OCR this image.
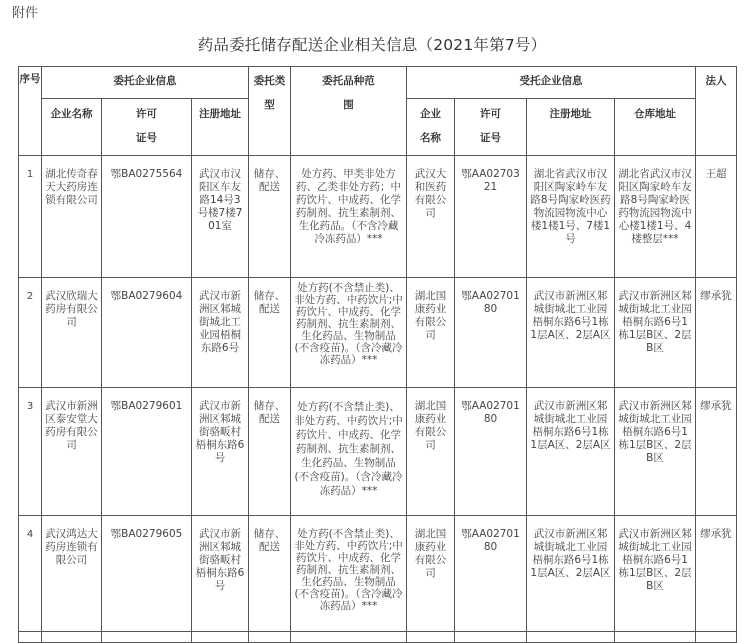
附件
药品委托储存配送企业相关信息（2021年第7号）
序号	委托企业信息			委托类型	委托品种范围	受托企业信息				法人

	企业名称	许可证号	注册地址			企业名称	许可证号	注册地址	仓库地址	

1	湖北传奇春天大药房连锁有限公司	鄂BA0275564	武汉市汉阳区车友路14号3号楼7楼701室	储存、配送	处方药、甲类非处方药、乙类非处方药；中药饮片、中成药、化学药制剂、抗生素制剂、生化药品。（不含冷藏冷冻药品）***	武汉大和医药有限公司	鄂AA0270321	湖北省武汉市汉阳区陶家岭车友路8号陶家岭医药物流园物流中心楼1楼1号、7楼1号	湖北省武汉市汉阳区陶家岭车友路8号陶家岭医药物流园物流中心楼1楼1号、4楼整层***	王超

2	武汉欣瑞大药房有限公司	鄂BA0279604	武汉市新洲区邾城街城北工业园梧桐东路6号	储存、配送	处方药(不含禁止类)、非处方药、中药饮片;中药饮片、中成药、化学药制剂、抗生素制剂、生化药品、生物制品(不含疫苗)。（含冷藏冷冻药品）***	湖北国康药业有限公司	鄂AA0270180	武汉市新洲区邾城街城北工业园梧桐东路6号1栋1层A区、2层A区	武汉市新洲区邾城街城北工业园梧桐东路6号1栋1层B区、2层B区	缪承犹

3	武汉市新洲区泰安堂大药房有限公司	鄂BA0279601	武汉市新洲区邾城街骆畈村梧桐东路6号	储存、配送	处方药(不含禁止类)、非处方药、中药饮片;中药饮片、中成药、化学药制剂、抗生素制剂、生化药品、生物制品(不含疫苗)。（含冷藏冷冻药品）***	湖北国康药业有限公司	鄂AA0270180	武汉市新洲区邾城街城北工业园梧桐东路6号1栋1层A区、2层A区	武汉市新洲区邾城街城北工业园梧桐东路6号1栋1层B区、2层B区	缪承犹

4	武汉鸿达大药房连锁有限公司	鄂BA0279605	武汉市新洲区邾城街骆畈村梧桐东路6号	储存、配送	处方药(不含禁止类)、非处方药、中药饮片;中药饮片、中成药、化学药制剂、抗生素制剂、生化药品、生物制品(不含疫苗)。（含冷藏冷冻药品）***	湖北国康药业有限公司	鄂AA0270180	武汉市新洲区邾城街城北工业园梧桐东路6号1栋1层A区、2层A区	武汉市新洲区邾城街城北工业园梧桐东路6号1栋1层B区、2层B区	缪承犹
